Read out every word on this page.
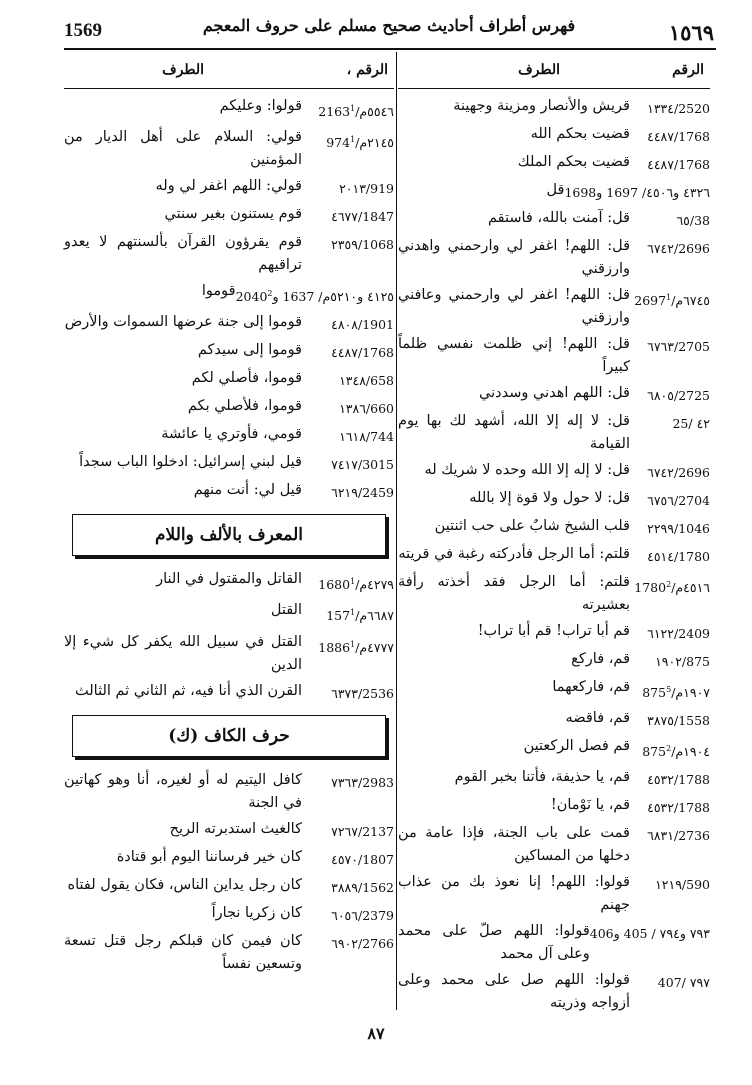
١٥٦٩
فهرس أطراف أحاديث صحيح مسلم على حروف المعجم
1569
الرقم
الطرف
2520/١٣٣٤
قريش والأنصار ومزينة وجهينة
1768/٤٤٨٧
قضيت بحكم الله
1768/٤٤٨٧
قضيت بحكم الملك
٤٣٢٦ و٤٥٠٦/ 1697 و1698
قل
38/٦٥
قل: آمنت بالله، فاستقم
2696/٦٧٤٢
قل: اللهم! اغفر لي وارحمني واهدني وارزقني
٦٧٤٥م/2697$^1$
قل: اللهم! اغفر لي وارحمني وعافني وارزقني
2705/٦٧٦٣
قل: اللهم! إني ظلمت نفسي ظلماً كبيراً
2725/٦٨٠٥
قل: اللهم اهدني وسددني
٤٢ /25
قل: لا إله إلا الله، أشهد لك بها يوم القيامة
2696/٦٧٤٢
قل: لا إله إلا الله وحده لا شريك له
2704/٦٧٥٦
قل: لا حول ولا قوة إلا بالله
1046/٢٢٩٩
قلب الشيخ شابٌ على حب اثنتين
1780/٤٥١٤
قلتم: أما الرجل فأدركته رغبة في قريته
٤٥١٦م/1780$^2$
قلتم: أما الرجل فقد أخذته رأفة بعشيرته
2409/٦١٢٢
قم أبا تراب! قم أبا تراب!
875/١٩٠٢
قم، فاركع
$١٩٠٧م/875^5$
قم، فاركعهما
1558/٣٨٧٥
قم، فاقضه
$١٩٠٤م/875^2$
قم فصل الركعتين
1788/٤٥٣٢
قم، يا حذيفة، فأتنا بخبر القوم
1788/٤٥٣٢
قم، يا نَوْمان!
2736/٦٨٣١
قمت على باب الجنة، فإذا عامة من دخلها من المساكين
590/١٢١٩
قولوا: اللهم! إنا نعوذ بك من عذاب جهنم
٧٩٣ و٧٩٤ / 405 و406
قولوا: اللهم صلّ على محمد وعلى آل محمد
٧٩٧ /407
قولوا: اللهم صل على محمد وعلى أزواجه وذريته
الرقم ،
الطرف
٥٥٤٦م/2163$^1$
قولوا: وعليكم
$٢١٤٥م/974^1$
قولي: السلام على أهل الديار من المؤمنين
919/٢٠١٣
قولي: اللهم اغفر لي وله
1847/٤٦٧٧
قوم يستنون بغير سنتي
1068/٢٣٥٩
قوم يقرؤون القرآن بألسنتهم لا يعدو تراقيهم
٤١٢٥ و٥٢١٠م/ 1637 و2040$^2$
قوموا
1901/٤٨٠٨
قوموا إلى جنة عرضها السموات والأرض
1768/٤٤٨٧
قوموا إلى سيدكم
658/١٣٤٨
قوموا، فأصلي لكم
660/١٣٨٦
قوموا، فلأصلي بكم
744/١٦١٨
قومي، فأوتري يا عائشة
3015/٧٤١٧
قيل لبني إسرائيل: ادخلوا الباب سجداً
2459/٦٢١٩
قيل لي: أنت منهم
المعرف بالألف واللام
٤٢٧٩م/1680$^1$
القاتل والمقتول في النار
$٦٦٨٧م/157^1$
القتل
٤٧٧٧م/1886$^1$
القتل في سبيل الله يكفر كل شيء إلا الدين
2536/٦٣٧٣
القرن الذي أنا فيه، ثم الثاني ثم الثالث
حرف الكاف (ك)
2983/٧٣٦٣
كافل اليتيم له أو لغيره، أنا وهو كهاتين في الجنة
2137/٧٢٦٧
كالغيث استدبرته الريح
1807/٤٥٧٠
كان خير فرساننا اليوم أبو قتادة
1562/٣٨٨٩
كان رجل يداين الناس، فكان يقول لفتاه
2379/٦٠٥٦
كان زكريا نجاراً
2766/٦٩٠٢
كان فيمن كان قبلكم رجل قتل تسعة وتسعين نفساً
٨٧
